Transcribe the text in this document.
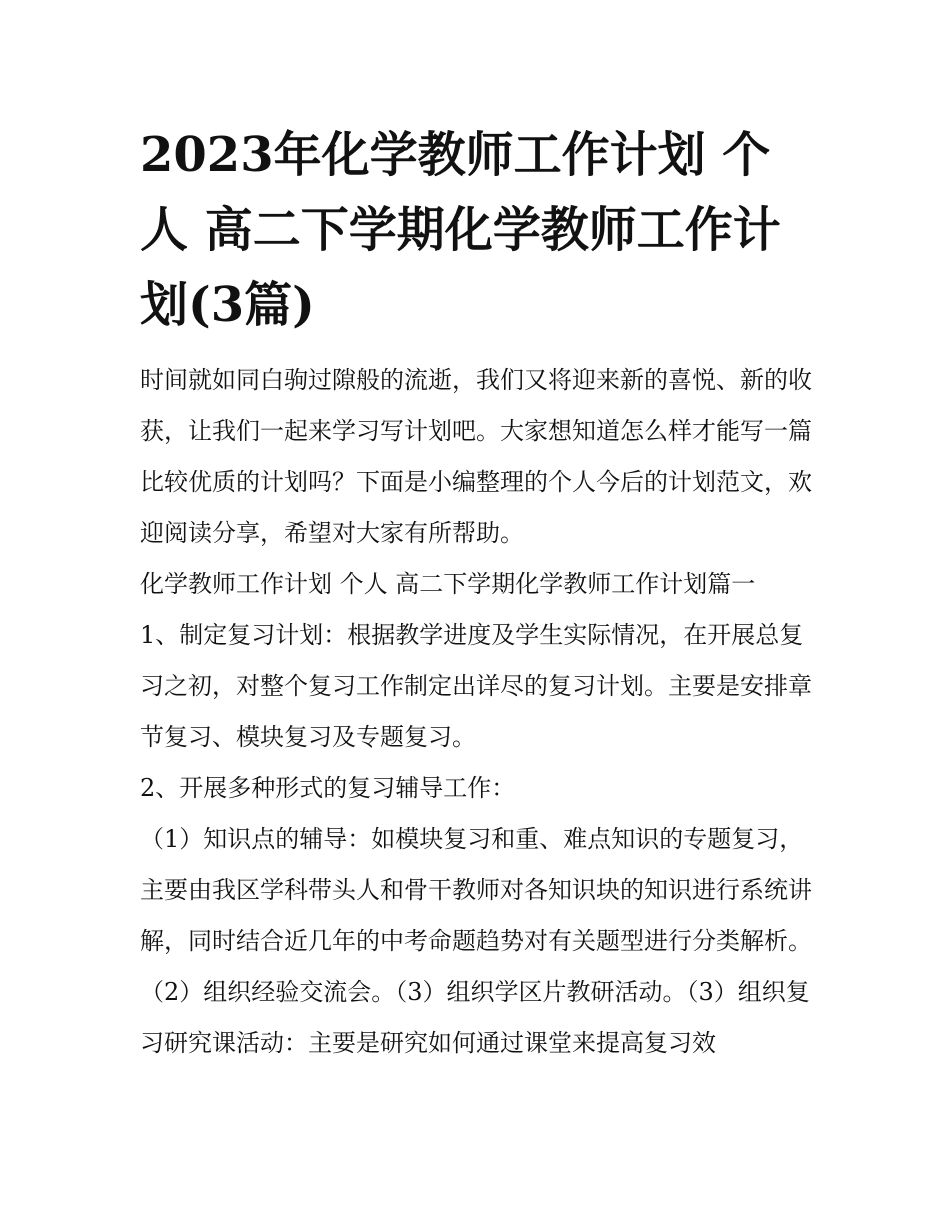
2023年化学教师工作计划 个人 高二下学期化学教师工作计划(3篇)

时间就如同白驹过隙般的流逝，我们又将迎来新的喜悦、新的收获，让我们一起来学习写计划吧。大家想知道怎么样才能写一篇比较优质的计划吗？下面是小编整理的个人今后的计划范文，欢迎阅读分享，希望对大家有所帮助。

化学教师工作计划 个人 高二下学期化学教师工作计划篇一

1、制定复习计划：根据教学进度及学生实际情况，在开展总复习之初，对整个复习工作制定出详尽的复习计划。主要是安排章节复习、模块复习及专题复习。

2、开展多种形式的复习辅导工作：

（1）知识点的辅导：如模块复习和重、难点知识的专题复习，主要由我区学科带头人和骨干教师对各知识块的知识进行系统讲解，同时结合近几年的中考命题趋势对有关题型进行分类解析。

（2）组织经验交流会。（3）组织学区片教研活动。（3）组织复习研究课活动：主要是研究如何通过课堂来提高复习效
